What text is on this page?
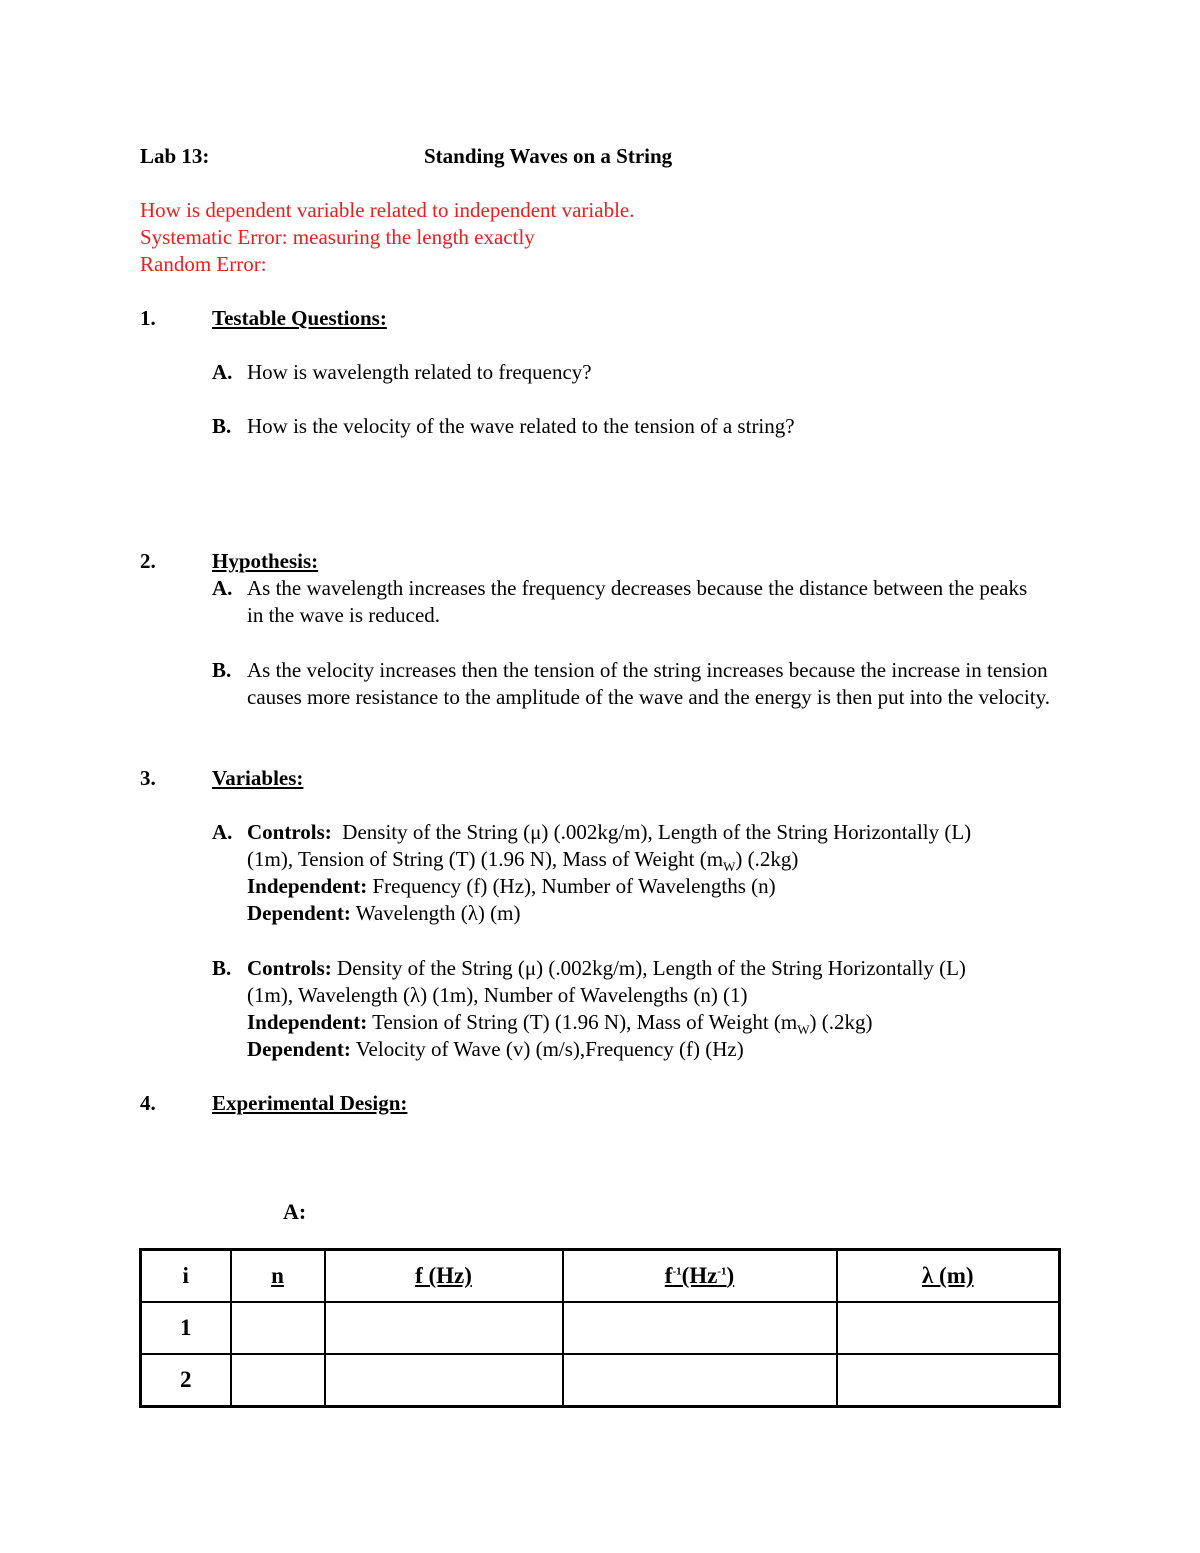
Lab 13:	Standing Waves on a String
How is dependent variable related to independent variable.
Systematic Error: measuring the length exactly
Random Error:
1.	Testable Questions:
A. How is wavelength related to frequency?
B. How is the velocity of the wave related to the tension of a string?
2.	Hypothesis:
A. As the wavelength increases the frequency decreases because the distance between the peaks in the wave is reduced.
B. As the velocity increases then the tension of the string increases because the increase in tension causes more resistance to the amplitude of the wave and the energy is then put into the velocity.
3.	Variables:
A. Controls: Density of the String (μ) (.002kg/m), Length of the String Horizontally (L)
(1m), Tension of String (T) (1.96 N), Mass of Weight $(m_W)$ (.2kg)
Independent: Frequency (f) (Hz), Number of Wavelengths (n)
Dependent: Wavelength (λ) (m)
B. Controls: Density of the String (μ) (.002kg/m), Length of the String Horizontally (L)
(1m), Wavelength (λ) (1m), Number of Wavelengths (n) (1)
Independent: Tension of String (T) (1.96 N), Mass of Weight $(m_W)$ (.2kg)
Dependent: Velocity of Wave (v) (m/s),Frequency (f) (Hz)
4.	Experimental Design:
A:
i	n	f (Hz)	$f^{-1}(Hz^{-1})$	λ (m)
1				
2				
